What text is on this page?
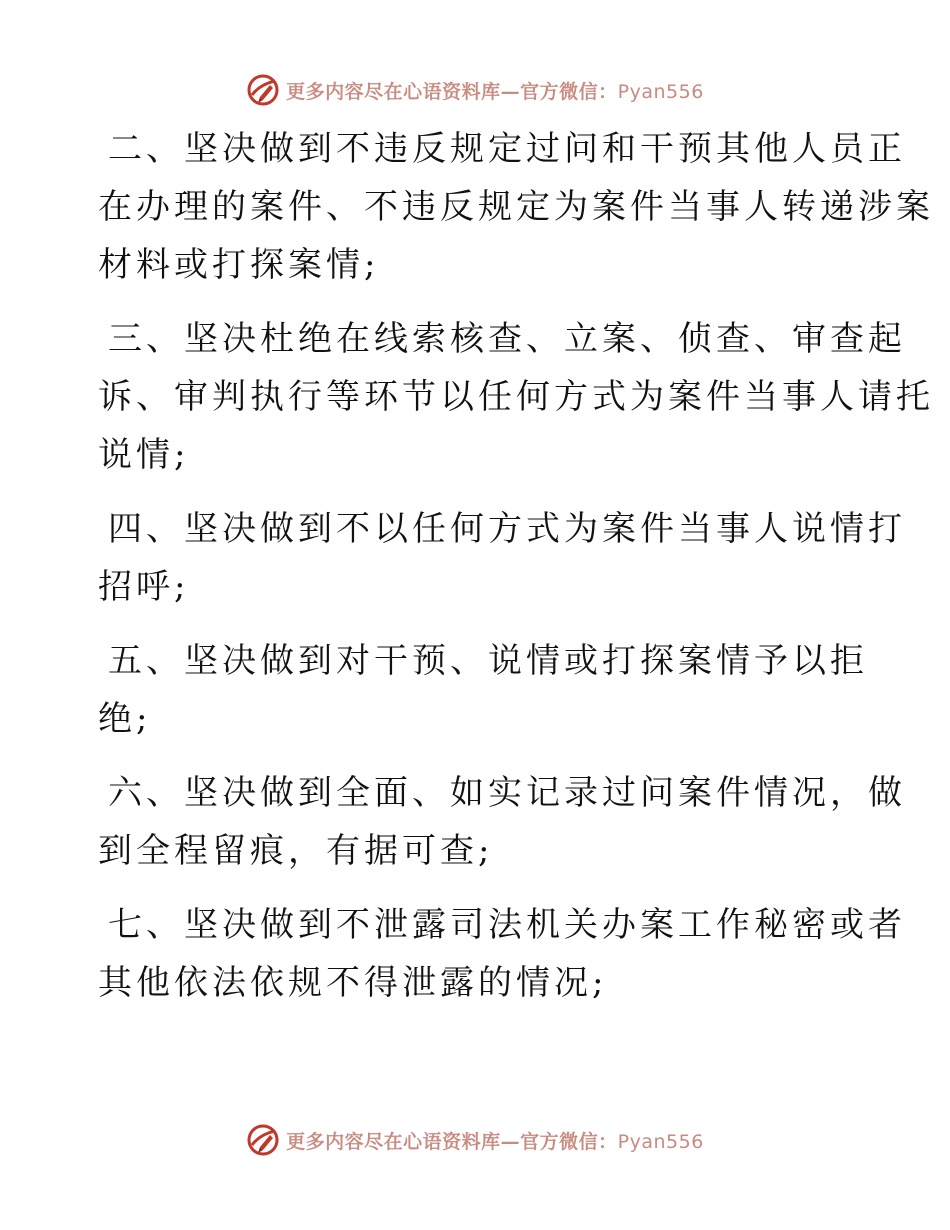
更多内容尽在心语资料库—官方微信：Pyan556

二、坚决做到不违反规定过问和干预其他人员正
在办理的案件、不违反规定为案件当事人转递涉案
材料或打探案情;

三、坚决杜绝在线索核查、立案、侦查、审查起
诉、审判执行等环节以任何方式为案件当事人请托
说情;

四、坚决做到不以任何方式为案件当事人说情打
招呼;

五、坚决做到对干预、说情或打探案情予以拒
绝;

六、坚决做到全面、如实记录过问案件情况，做
到全程留痕，有据可查;

七、坚决做到不泄露司法机关办案工作秘密或者
其他依法依规不得泄露的情况;

更多内容尽在心语资料库—官方微信：Pyan556
